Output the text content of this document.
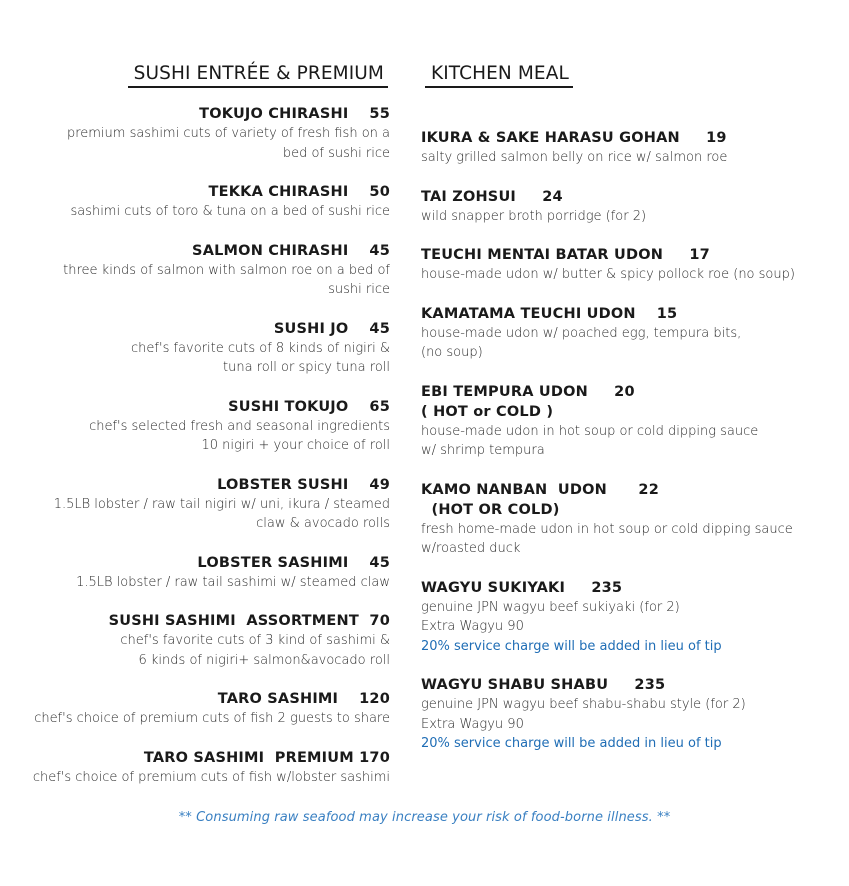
SUSHI ENTRÉE & PREMIUM
TOKUJO CHIRASHI    55
premium sashimi cuts of variety of fresh fish on a
bed of sushi rice
TEKKA CHIRASHI    50
sashimi cuts of toro & tuna on a bed of sushi rice
SALMON CHIRASHI    45
three kinds of salmon with salmon roe on a bed of
sushi rice
SUSHI JO    45
chef's favorite cuts of 8 kinds of nigiri &
tuna roll or spicy tuna roll
SUSHI TOKUJO    65
chef's selected fresh and seasonal ingredients
10 nigiri + your choice of roll
LOBSTER SUSHI    49
1.5LB lobster / raw tail nigiri w/ uni, ikura / steamed
claw & avocado rolls
LOBSTER SASHIMI    45
1.5LB lobster / raw tail sashimi w/ steamed claw
SUSHI SASHIMI  ASSORTMENT  70
chef's favorite cuts of 3 kind of sashimi &
6 kinds of nigiri+ salmon&avocado roll
TARO SASHIMI    120
chef's choice of premium cuts of fish 2 guests to share
TARO SASHIMI  PREMIUM 170
chef's choice of premium cuts of fish w/lobster sashimi
KITCHEN MEAL
IKURA & SAKE HARASU GOHAN     19
salty grilled salmon belly on rice w/ salmon roe
TAI ZOHSUI     24
wild snapper broth porridge (for 2)
TEUCHI MENTAI BATAR UDON     17
house-made udon w/ butter & spicy pollock roe (no soup)
KAMATAMA TEUCHI UDON    15
house-made udon w/ poached egg, tempura bits,
(no soup)
EBI TEMPURA UDON     20
( HOT or COLD )
house-made udon in hot soup or cold dipping sauce
w/ shrimp tempura
KAMO NANBAN  UDON      22
(HOT OR COLD)
fresh home-made udon in hot soup or cold dipping sauce
w/roasted duck
WAGYU SUKIYAKI     235
genuine JPN wagyu beef sukiyaki (for 2)
Extra Wagyu 90
20% service charge will be added in lieu of tip
WAGYU SHABU SHABU     235
genuine JPN wagyu beef shabu-shabu style (for 2)
Extra Wagyu 90
20% service charge will be added in lieu of tip
** Consuming raw seafood may increase your risk of food-borne illness. **
